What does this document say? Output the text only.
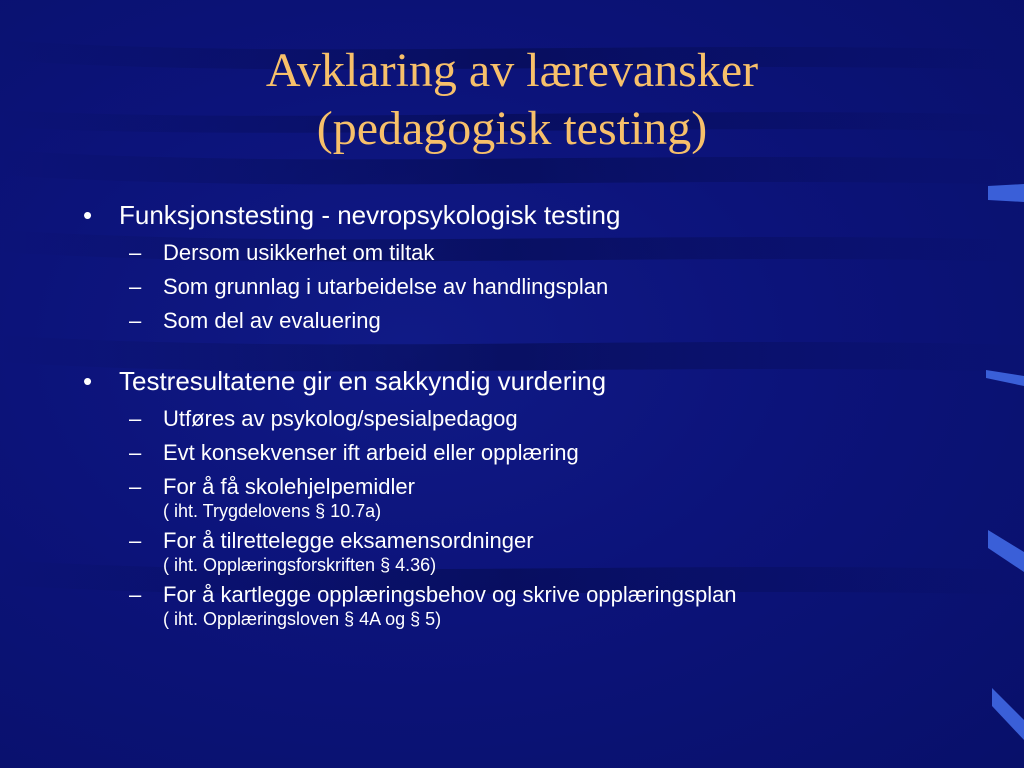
Avklaring av lærevansker
(pedagogisk testing)
• Funksjonstesting - nevropsykologisk testing
– Dersom usikkerhet om tiltak
– Som grunnlag i utarbeidelse av handlingsplan
– Som del av evaluering
• Testresultatene gir en sakkyndig vurdering
– Utføres av psykolog/spesialpedagog
– Evt konsekvenser ift arbeid eller opplæring
– For å få skolehjelpemidler
( iht. Trygdelovens § 10.7a)
– For å tilrettelegge eksamensordninger
( iht. Opplæringsforskriften § 4.36)
– For å kartlegge opplæringsbehov og skrive opplæringsplan
( iht. Opplæringsloven § 4A og § 5)
